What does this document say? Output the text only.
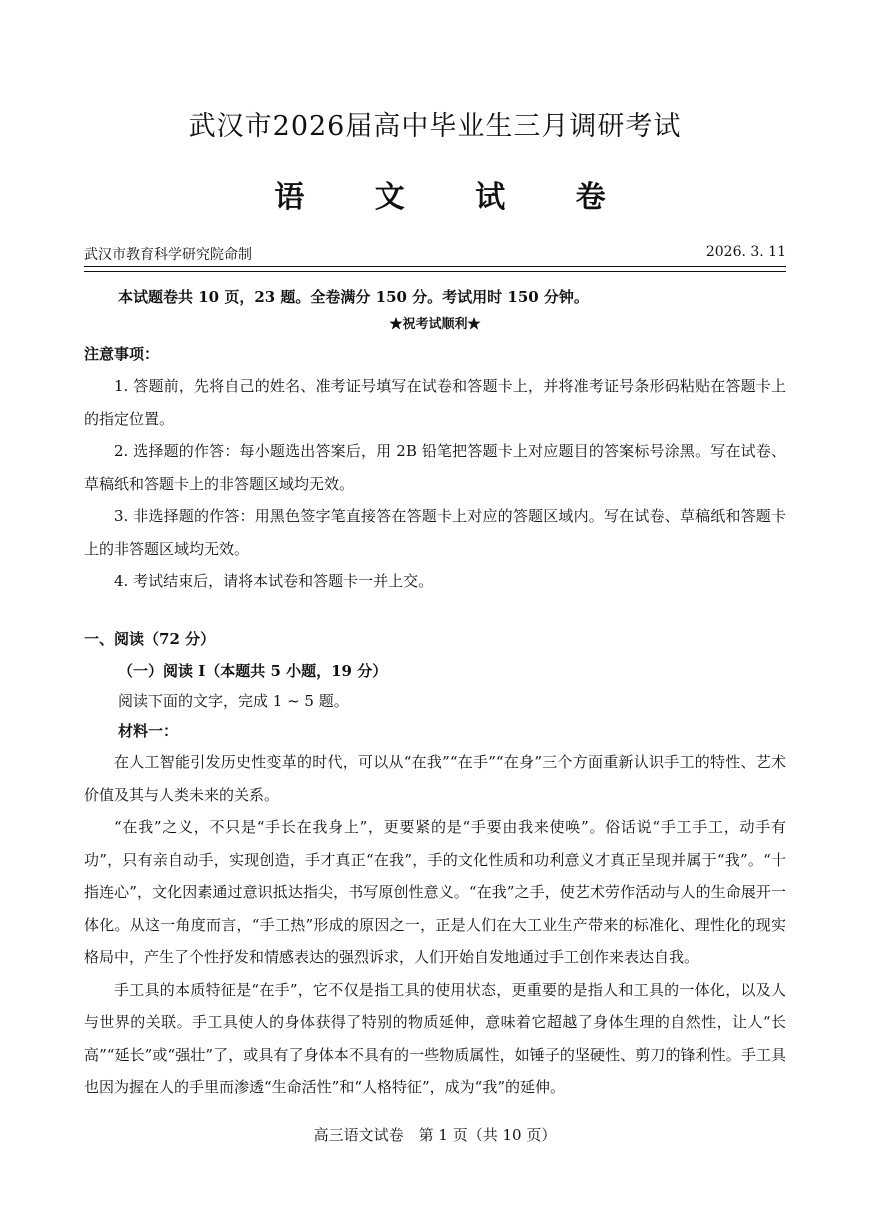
武汉市2026届高中毕业生三月调研考试
语 文 试 卷
武汉市教育科学研究院命制	2026. 3. 11
本试题卷共 10 页，23 题。全卷满分 150 分。考试用时 150 分钟。
★祝考试顺利★
注意事项：

1. 答题前，先将自己的姓名、准考证号填写在试卷和答题卡上，并将准考证号条形码粘贴在答题卡上的指定位置。

2. 选择题的作答：每小题选出答案后，用 2B 铅笔把答题卡上对应题目的答案标号涂黑。写在试卷、草稿纸和答题卡上的非答题区域均无效。

3. 非选择题的作答：用黑色签字笔直接答在答题卡上对应的答题区域内。写在试卷、草稿纸和答题卡上的非答题区域均无效。

4. 考试结束后，请将本试卷和答题卡一并上交。

一、阅读（72 分）
（一）阅读 Ⅰ（本题共 5 小题，19 分）
阅读下面的文字，完成 1 ~ 5 题。
材料一：

在人工智能引发历史性变革的时代，可以从“在我”“在手”“在身”三个方面重新认识手工的特性、艺术价值及其与人类未来的关系。

“在我”之义，不只是“手长在我身上”，更要紧的是“手要由我来使唤”。俗话说“手工手工，动手有功”，只有亲自动手，实现创造，手才真正“在我”，手的文化性质和功利意义才真正呈现并属于“我”。“十指连心”，文化因素通过意识抵达指尖，书写原创性意义。“在我”之手，使艺术劳作活动与人的生命展开一体化。从这一角度而言，“手工热”形成的原因之一，正是人们在大工业生产带来的标准化、理性化的现实格局中，产生了个性抒发和情感表达的强烈诉求，人们开始自发地通过手工创作来表达自我。

手工具的本质特征是“在手”，它不仅是指工具的使用状态，更重要的是指人和工具的一体化，以及人与世界的关联。手工具使人的身体获得了特别的物质延伸，意味着它超越了身体生理的自然性，让人“长高”“延长”或“强壮”了，或具有了身体本不具有的一些物质属性，如锤子的坚硬性、剪刀的锋利性。手工具也因为握在人的手里而渗透“生命活性”和“人格特征”，成为“我”的延伸。

高三语文试卷　第 1 页（共 10 页）
